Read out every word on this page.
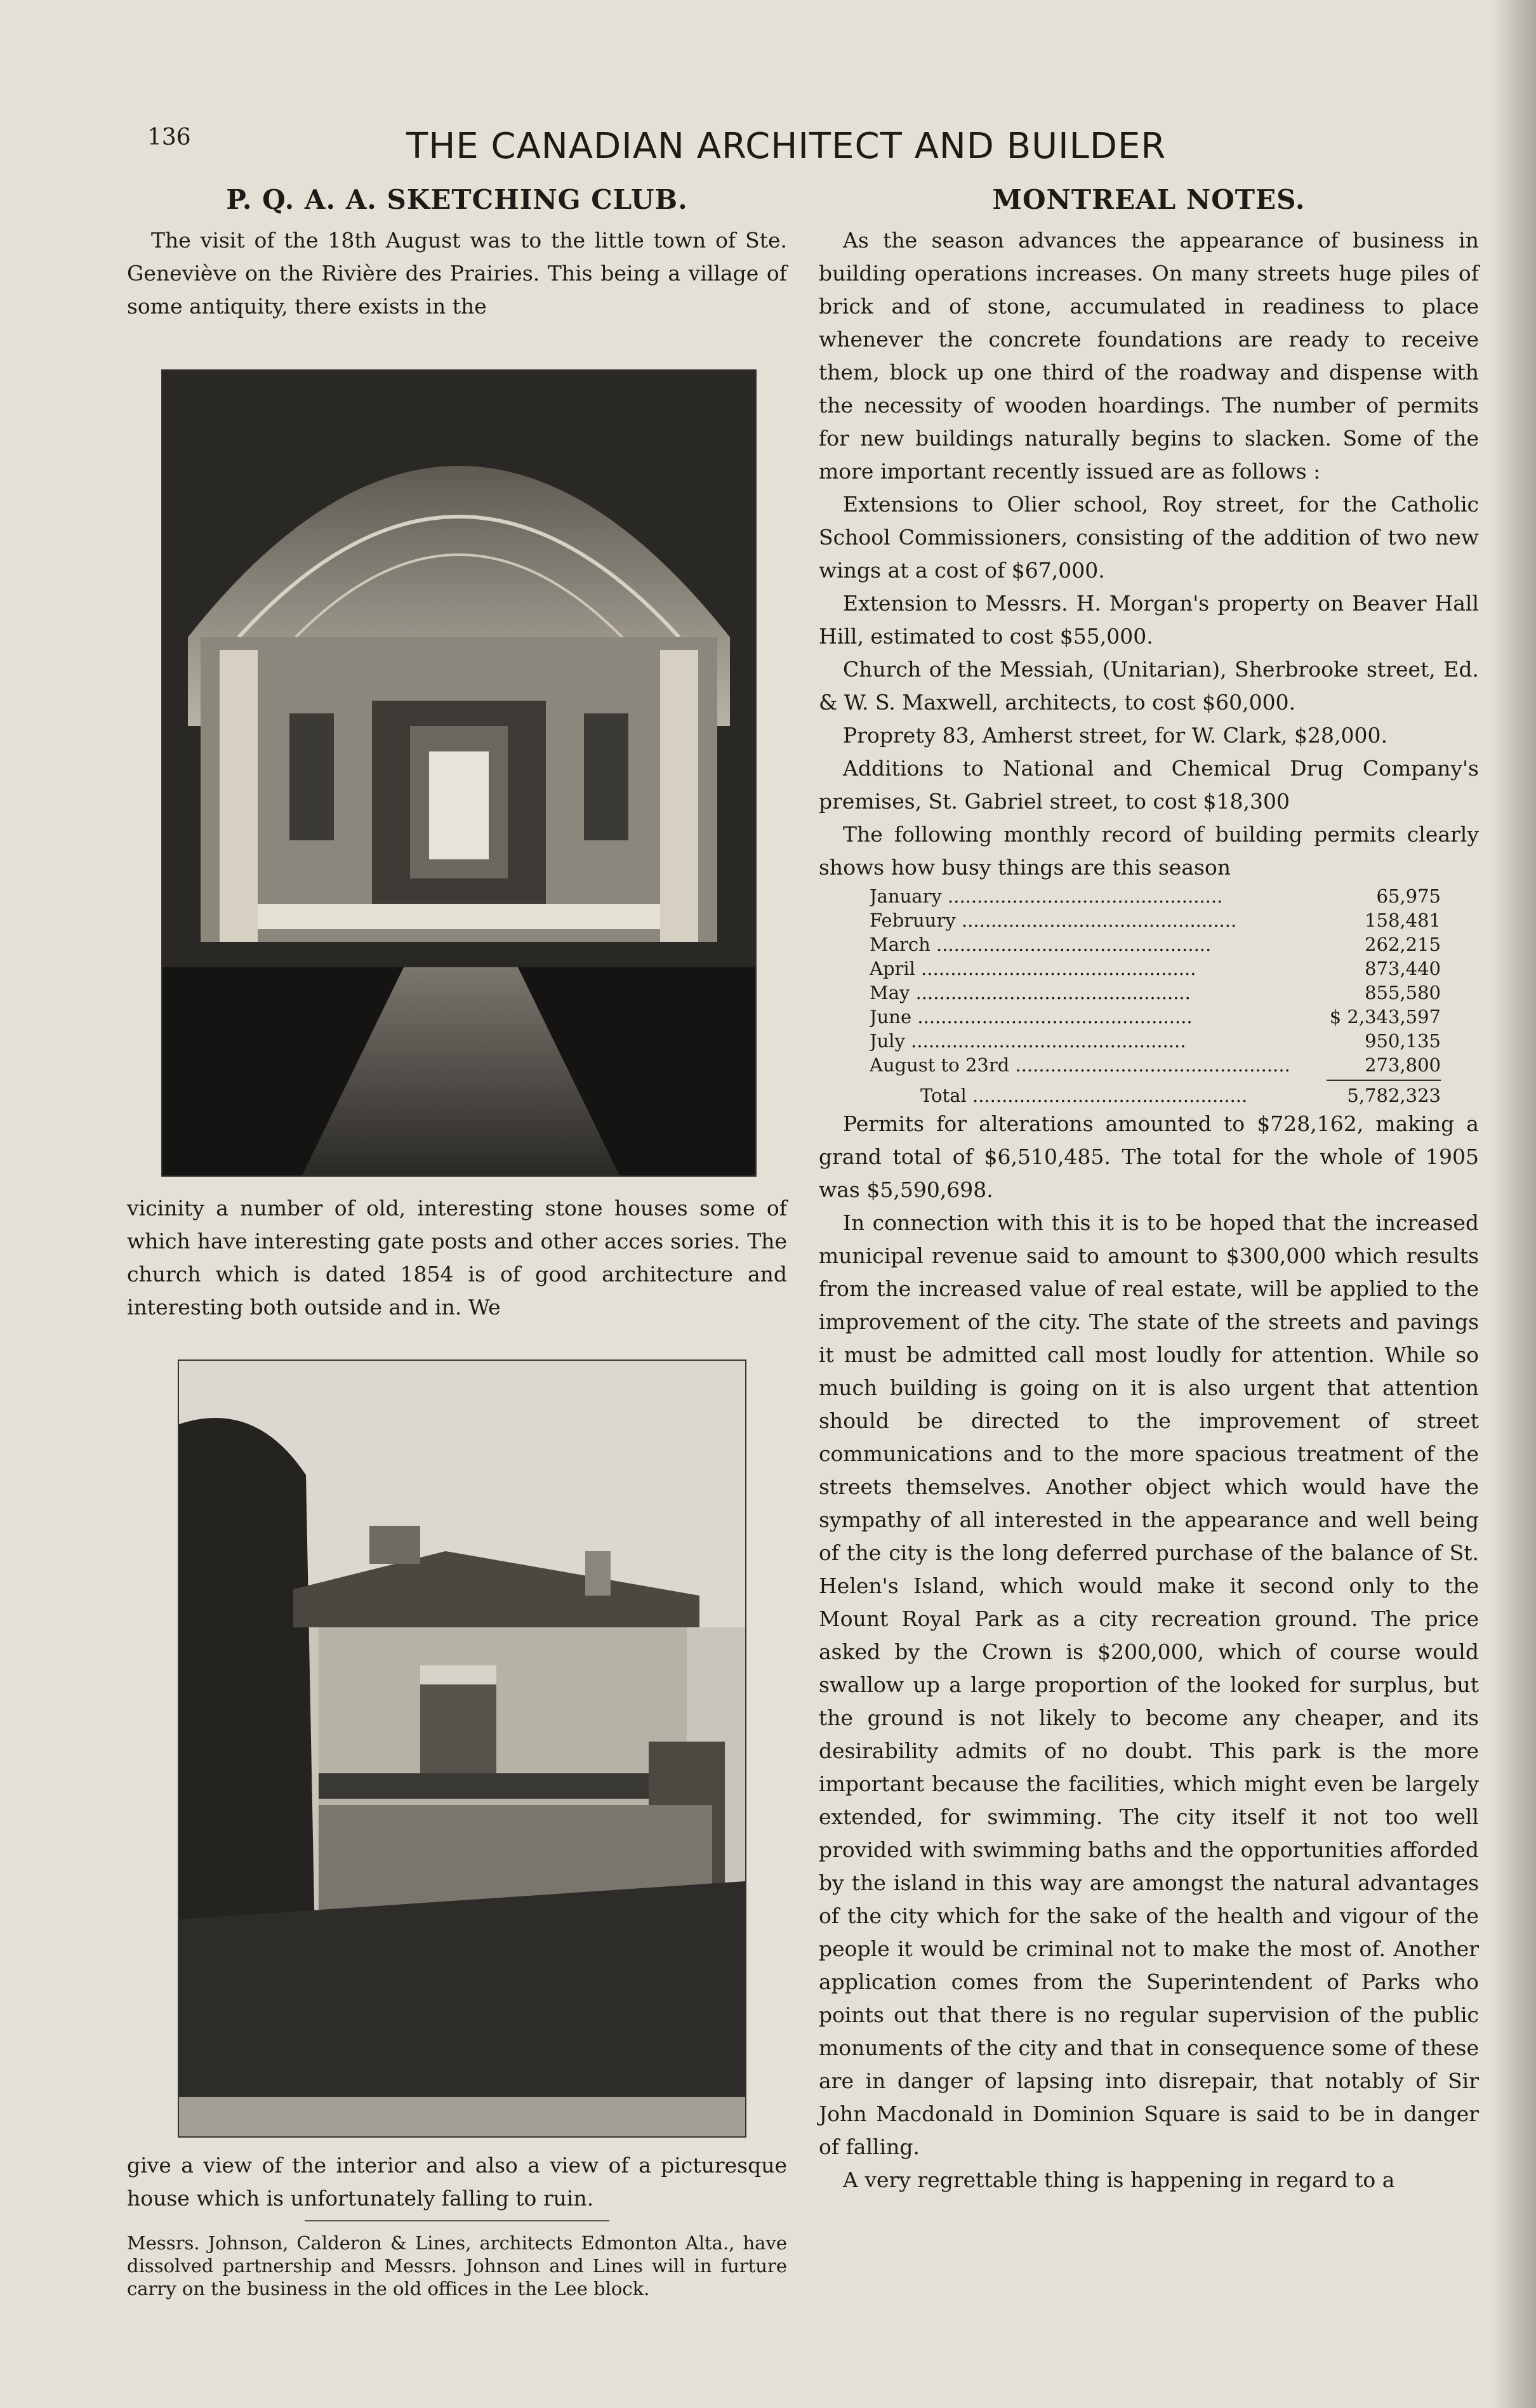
136	THE CANADIAN ARCHITECT AND BUILDER
P. Q. A. A. SKETCHING CLUB.

The visit of the 18th August was to the little town of Ste. Geneviève on the Rivière des Prairies. This being a village of some antiquity, there exists in the

vicinity a number of old, interesting stone houses some of which have interesting gate posts and other acces sories. The church which is dated 1854 is of good architecture and interesting both outside and in. We

give a view of the interior and also a view of a picturesque house which is unfortunately falling to ruin.

Messrs. Johnson, Calderon & Lines, architects Edmonton Alta., have dissolved partnership and Messrs. Johnson and Lines will in furture carry on the business in the old offices in the Lee block.

MONTREAL NOTES.

As the season advances the appearance of business in building operations increases. On many streets huge piles of brick and of stone, accumulated in readiness to place whenever the concrete foundations are ready to receive them, block up one third of the roadway and dispense with the necessity of wooden hoardings. The number of permits for new buildings naturally begins to slacken. Some of the more important recently issued are as follows :

Extensions to Olier school, Roy street, for the Catholic School Commissioners, consisting of the addition of two new wings at a cost of $67,000.

Extension to Messrs. H. Morgan's property on Beaver Hall Hill, estimated to cost $55,000.

Church of the Messiah, (Unitarian), Sherbrooke street, Ed. & W. S. Maxwell, architects, to cost $60,000.

Proprety 83, Amherst street, for W. Clark, $28,000.

Additions to National and Chemical Drug Company's premises, St. Gabriel street, to cost $18,300

The following monthly record of building permits clearly shows how busy things are this season

January .....	65,975
Februury .....	158,481
March .....	262,215
April .....	873,440
May .....	855,580
June .....	$ 2,343,597
July .....	950,135
August to 23rd .....	273,800
Total .....	5,782,323

Permits for alterations amounted to $728,162, making a grand total of $6,510,485. The total for the whole of 1905 was $5,590,698.

In connection with this it is to be hoped that the increased municipal revenue said to amount to $300,000 which results from the increased value of real estate, will be applied to the improvement of the city. The state of the streets and pavings it must be admitted call most loudly for attention. While so much building is going on it is also urgent that attention should be directed to the improvement of street communications and to the more spacious treatment of the streets themselves. Another object which would have the sympathy of all interested in the appearance and well being of the city is the long deferred purchase of the balance of St. Helen's Island, which would make it second only to the Mount Royal Park as a city recreation ground. The price asked by the Crown is $200,000, which of course would swallow up a large proportion of the looked for surplus, but the ground is not likely to become any cheaper, and its desirability admits of no doubt. This park is the more important because the facilities, which might even be largely extended, for swimming. The city itself it not too well provided with swimming baths and the opportunities afforded by the island in this way are amongst the natural advantages of the city which for the sake of the health and vigour of the people it would be criminal not to make the most of. Another application comes from the Superintendent of Parks who points out that there is no regular supervision of the public monuments of the city and that in consequence some of these are in danger of lapsing into disrepair, that notably of Sir John Macdonald in Dominion Square is said to be in danger of falling.

A very regrettable thing is happening in regard to a
